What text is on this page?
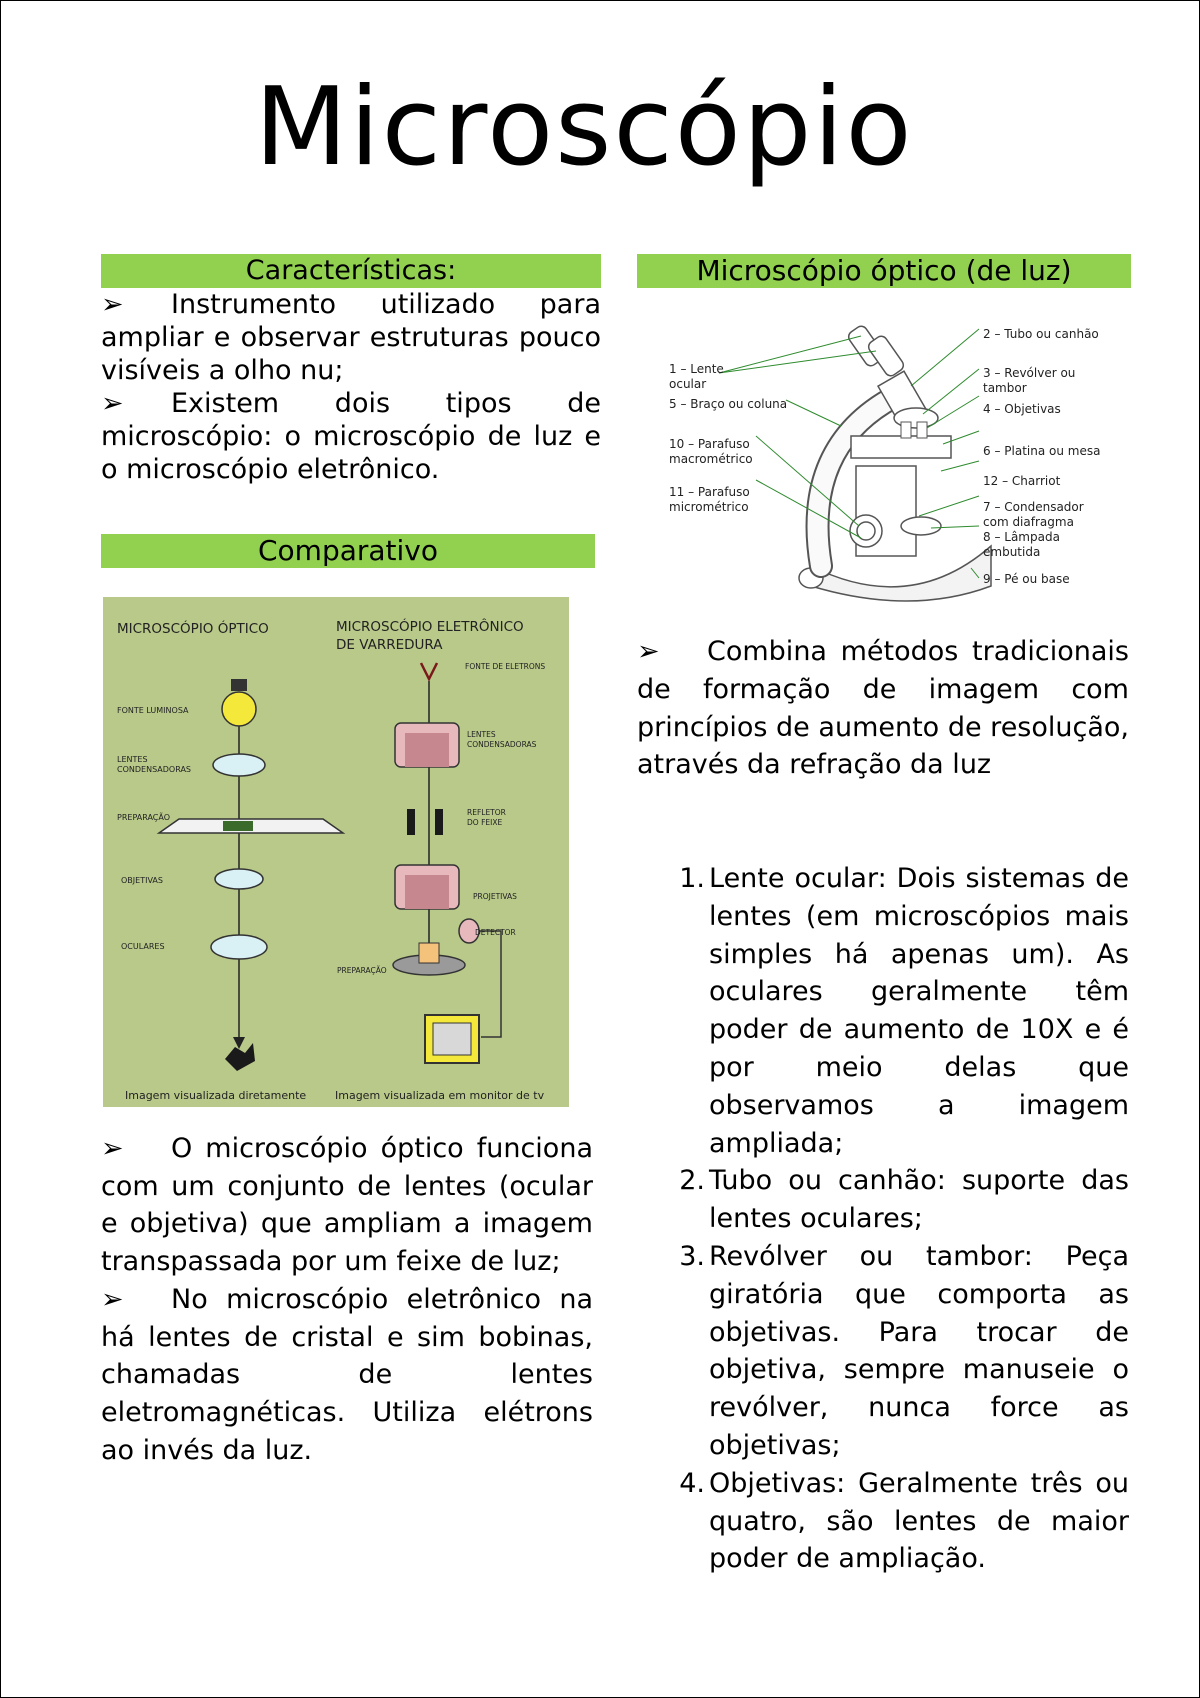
Microscópio
Características:

➢ Instrumento utilizado para ampliar e observar estruturas pouco visíveis a olho nu;

➢ Existem dois tipos de microscópio: o microscópio de luz e o microscópio eletrônico.

Comparativo
MICROSCÓPIO ÓPTICO	MICROSCÓPIO ELETRÔNICO
DE VARREDURA
FONTE LUMINOSA
LENTES
CONDENSADORAS
PREPARAÇÃO
OBJETIVAS
OCULARES
FONTE DE ELETRONS
LENTES
CONDENSADORAS
REFLETOR
DO FEIXE
PROJETIVAS
DETECTOR
PREPARAÇÃO
Imagem visualizada diretamente	Imagem visualizada em monitor de tv

➢ O microscópio óptico funciona com um conjunto de lentes (ocular e objetiva) que ampliam a imagem transpassada por um feixe de luz;

➢ No microscópio eletrônico na há lentes de cristal e sim bobinas, chamadas de lentes eletromagnéticas. Utiliza elétrons ao invés da luz.

Microscópio óptico (de luz)
1 – Lente
ocular
5 – Braço ou coluna
10 – Parafuso
macrométrico
11 – Parafuso
micrométrico
2 – Tubo ou canhão
3 – Revólver ou
tambor
4 – Objetivas
6 – Platina ou mesa
12 – Charriot
7 – Condensador
com diafragma
8 – Lâmpada
embutida
9 – Pé ou base

➢ Combina métodos tradicionais de formação de imagem com princípios de aumento de resolução, através da refração da luz

1. Lente ocular: Dois sistemas de lentes (em microscópios mais simples há apenas um). As oculares geralmente têm poder de aumento de 10X e é por meio delas que observamos a imagem ampliada;
2. Tubo ou canhão: suporte das lentes oculares;
3. Revólver ou tambor: Peça giratória que comporta as objetivas. Para trocar de objetiva, sempre manuseie o revólver, nunca force as objetivas;
4. Objetivas: Geralmente três ou quatro, são lentes de maior poder de ampliação.
